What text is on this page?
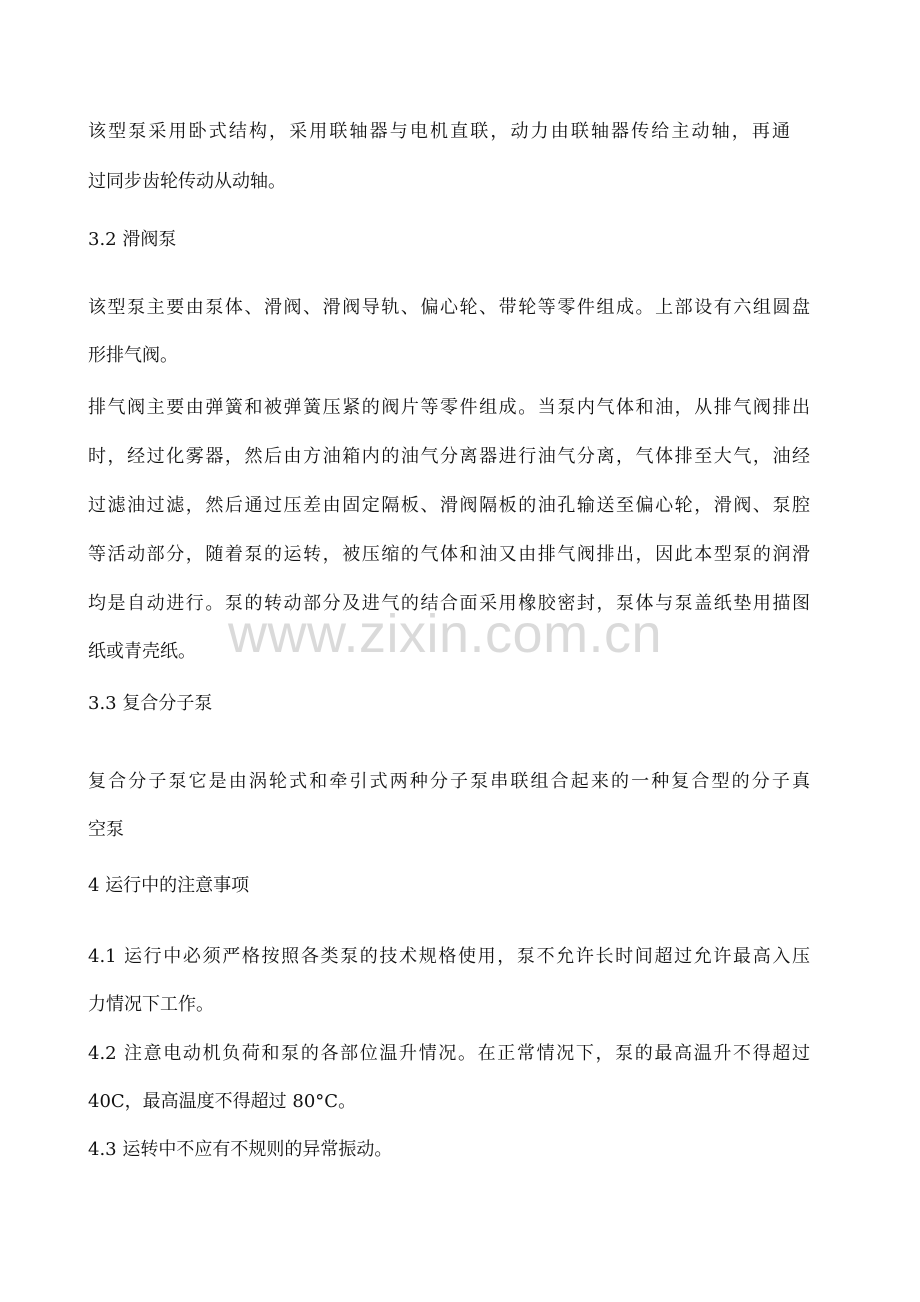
该型泵采用卧式结构，采用联轴器与电机直联，动力由联轴器传给主动轴，再通
过同步齿轮传动从动轴。
3.2 滑阀泵
该型泵主要由泵体、滑阀、滑阀导轨、偏心轮、带轮等零件组成。上部设有六组圆盘
形排气阀。
排气阀主要由弹簧和被弹簧压紧的阀片等零件组成。当泵内气体和油，从排气阀排出
时，经过化雾器，然后由方油箱内的油气分离器进行油气分离，气体排至大气，油经
过滤油过滤，然后通过压差由固定隔板、滑阀隔板的油孔输送至偏心轮，滑阀、泵腔
等活动部分，随着泵的运转，被压缩的气体和油又由排气阀排出，因此本型泵的润滑
均是自动进行。泵的转动部分及进气的结合面采用橡胶密封，泵体与泵盖纸垫用描图
纸或青壳纸。
3.3 复合分子泵
复合分子泵它是由涡轮式和牵引式两种分子泵串联组合起来的一种复合型的分子真
空泵
4 运行中的注意事项
4.1 运行中必须严格按照各类泵的技术规格使用，泵不允许长时间超过允许最高入压
力情况下工作。
4.2 注意电动机负荷和泵的各部位温升情况。在正常情况下，泵的最高温升不得超过
40C，最高温度不得超过 80°C。
4.3 运转中不应有不规则的异常振动。
www.zixin.com.cn
